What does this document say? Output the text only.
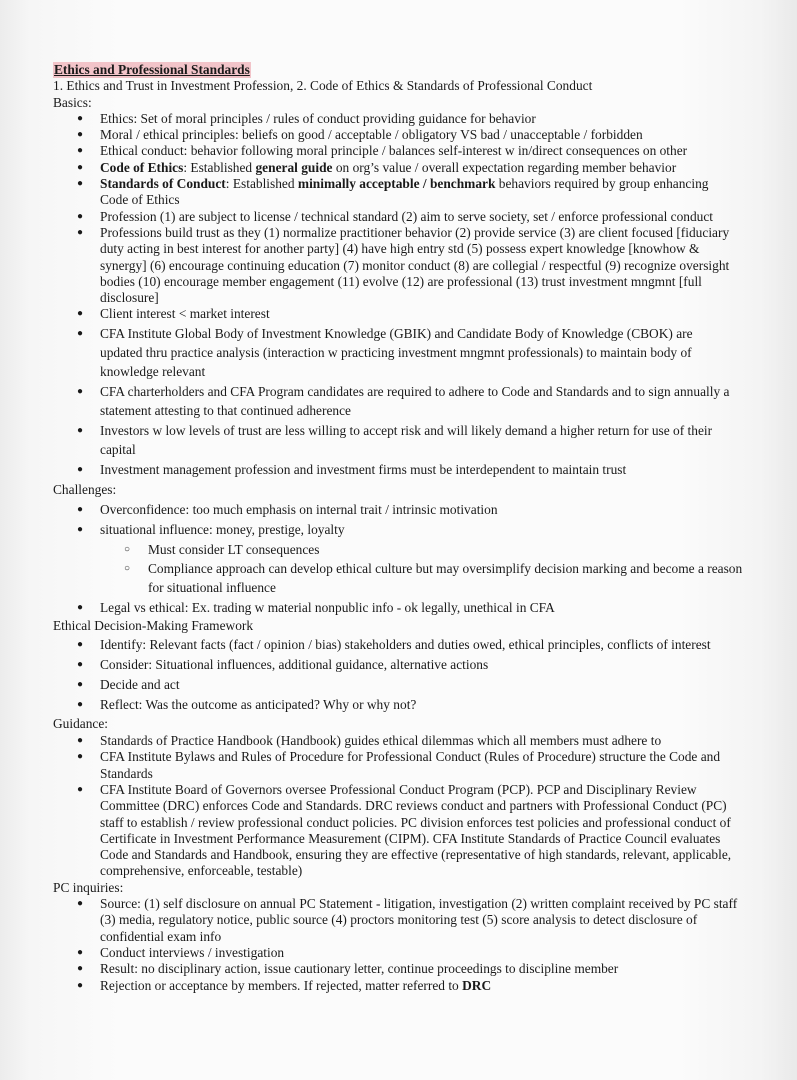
Ethics and Professional Standards
1. Ethics and Trust in Investment Profession, 2. Code of Ethics & Standards of Professional Conduct
Basics:
● Ethics: Set of moral principles / rules of conduct providing guidance for behavior
● Moral / ethical principles: beliefs on good / acceptable / obligatory VS bad / unacceptable / forbidden
● Ethical conduct: behavior following moral principle / balances self-interest w in/direct consequences on other
● Code of Ethics: Established general guide on org’s value / overall expectation regarding member behavior
● Standards of Conduct: Established minimally acceptable / benchmark behaviors required by group enhancing Code of Ethics
● Profession (1) are subject to license / technical standard (2) aim to serve society, set / enforce professional conduct
● Professions build trust as they (1) normalize practitioner behavior (2) provide service (3) are client focused [fiduciary duty acting in best interest for another party] (4) have high entry std (5) possess expert knowledge [knowhow & synergy] (6) encourage continuing education (7) monitor conduct (8) are collegial / respectful (9) recognize oversight bodies (10) encourage member engagement (11) evolve (12) are professional (13) trust investment mngmnt [full disclosure]
● Client interest < market interest
● CFA Institute Global Body of Investment Knowledge (GBIK) and Candidate Body of Knowledge (CBOK) are updated thru practice analysis (interaction w practicing investment mngmnt professionals) to maintain body of knowledge relevant
● CFA charterholders and CFA Program candidates are required to adhere to Code and Standards and to sign annually a statement attesting to that continued adherence
● Investors w low levels of trust are less willing to accept risk and will likely demand a higher return for use of their capital
● Investment management profession and investment firms must be interdependent to maintain trust
Challenges:
● Overconfidence: too much emphasis on internal trait / intrinsic motivation
● situational influence: money, prestige, loyalty
○ Must consider LT consequences
○ Compliance approach can develop ethical culture but may oversimplify decision marking and become a reason for situational influence
● Legal vs ethical: Ex. trading w material nonpublic info - ok legally, unethical in CFA
Ethical Decision-Making Framework
● Identify: Relevant facts (fact / opinion / bias) stakeholders and duties owed, ethical principles, conflicts of interest
● Consider: Situational influences, additional guidance, alternative actions
● Decide and act
● Reflect: Was the outcome as anticipated? Why or why not?
Guidance:
● Standards of Practice Handbook (Handbook) guides ethical dilemmas which all members must adhere to
● CFA Institute Bylaws and Rules of Procedure for Professional Conduct (Rules of Procedure) structure the Code and Standards
● CFA Institute Board of Governors oversee Professional Conduct Program (PCP). PCP and Disciplinary Review Committee (DRC) enforces Code and Standards. DRC reviews conduct and partners with Professional Conduct (PC) staff to establish / review professional conduct policies. PC division enforces test policies and professional conduct of Certificate in Investment Performance Measurement (CIPM). CFA Institute Standards of Practice Council evaluates Code and Standards and Handbook, ensuring they are effective (representative of high standards, relevant, applicable, comprehensive, enforceable, testable)
PC inquiries:
● Source: (1) self disclosure on annual PC Statement - litigation, investigation (2) written complaint received by PC staff (3) media, regulatory notice, public source (4) proctors monitoring test (5) score analysis to detect disclosure of confidential exam info
● Conduct interviews / investigation
● Result: no disciplinary action, issue cautionary letter, continue proceedings to discipline member
● Rejection or acceptance by members. If rejected, matter referred to DRC
